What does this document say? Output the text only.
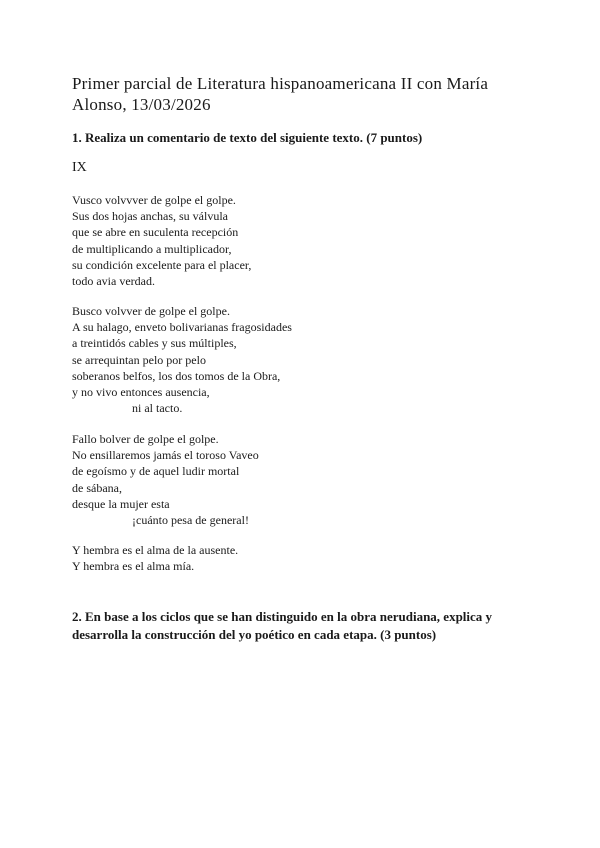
Primer parcial de Literatura hispanoamericana II con María Alonso, 13/03/2026
1. Realiza un comentario de texto del siguiente texto. (7 puntos)
IX
Vusco volvvver de golpe el golpe.
Sus dos hojas anchas, su válvula
que se abre en suculenta recepción
de multiplicando a multiplicador,
su condición excelente para el placer,
todo avia verdad.
Busco volvver de golpe el golpe.
A su halago, enveto bolivarianas fragosidades
a treintidós cables y sus múltiples,
se arrequintan pelo por pelo
soberanos belfos, los dos tomos de la Obra,
y no vivo entonces ausencia,
ni al tacto.
Fallo bolver de golpe el golpe.
No ensillaremos jamás el toroso Vaveo
de egoísmo y de aquel ludir mortal
de sábana,
desque la mujer esta
¡cuánto pesa de general!
Y hembra es el alma de la ausente.
Y hembra es el alma mía.
2. En base a los ciclos que se han distinguido en la obra nerudiana, explica y desarrolla la construcción del yo poético en cada etapa. (3 puntos)
